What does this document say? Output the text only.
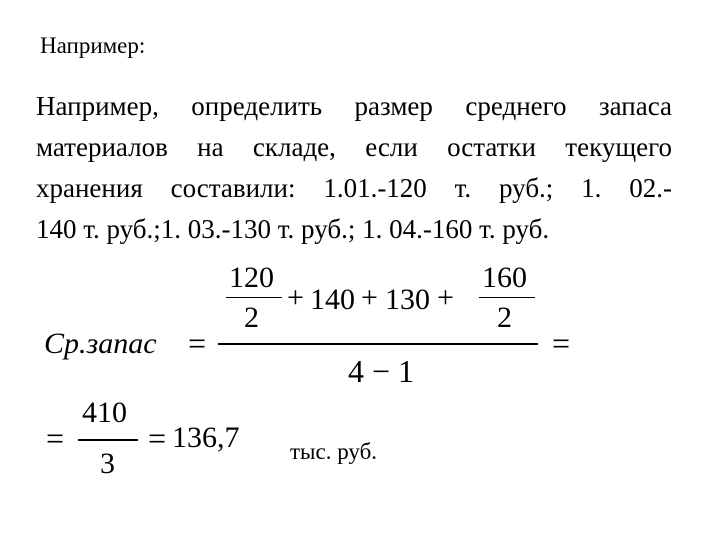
Например:
Например, определить размер среднего запаса
материалов на складе, если остатки текущего
хранения составили: 1.01.-120 т. руб.; 1. 02.-
140 т. руб.;1. 03.-130 т. руб.; 1. 04.-160 т. руб.
Ср.запас =
120
2
+ 140 + 130 +
160
2
4 − 1
=
=
410
3
= 136,7 тыс. руб.
